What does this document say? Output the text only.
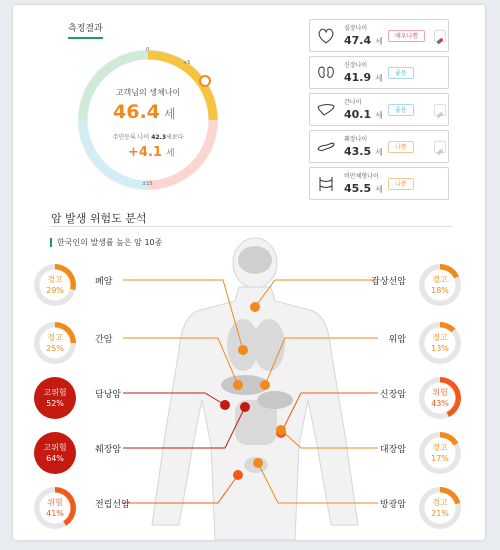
측정결과
0
+5
±15
고객님의 생체나이
46.4 세
주민등록 나이 42.3세보다
+4.1 세
심장나이
47.4 세
매우나쁨
신장나이
41.9 세
좋음
간나이
40.1 세
좋음
췌장나이
43.5 세
나쁨
비만체형나이
45.5 세
나쁨
암 발생 위험도 분석
한국인의 발생률 높은 암 10종
경고
29%
폐암
경고
25%
간암
고위험
52%
담낭암
고위험
64%
췌장암
위험
41%
전립선암
경고
18%
갑상선암
경고
13%
위암
위험
43%
신장암
경고
17%
대장암
경고
21%
방광암
